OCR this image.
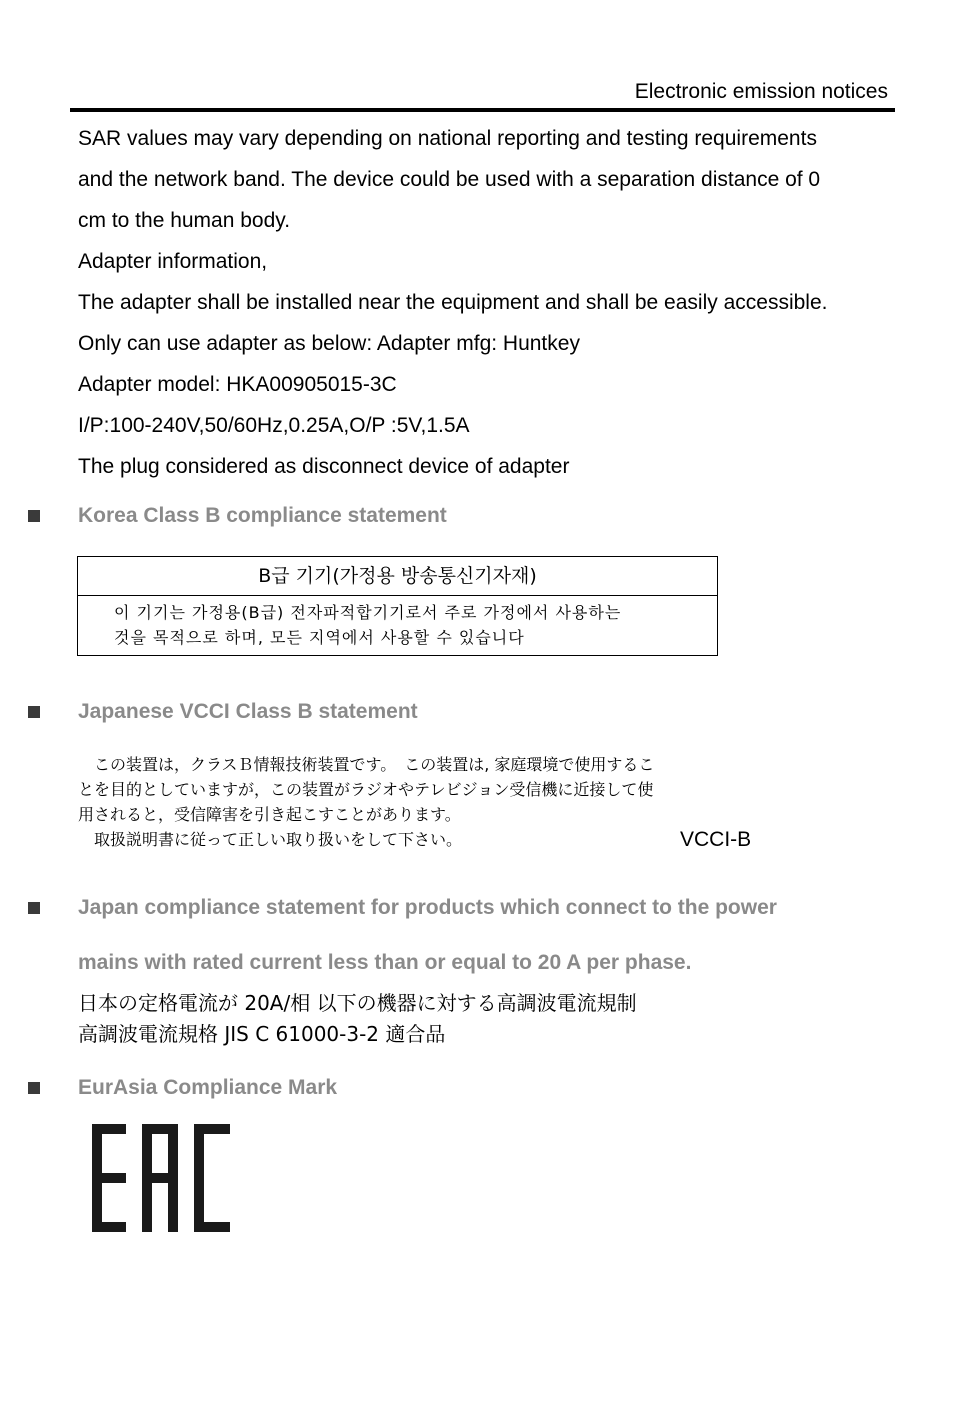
Electronic emission notices

SAR values may vary depending on national reporting and testing requirements

and the network band. The device could be used with a separation distance of 0

cm to the human body.

Adapter information,

The adapter shall be installed near the equipment and shall be easily accessible.

Only can use adapter as below: Adapter mfg: Huntkey

Adapter model: HKA00905015-3C

I/P:100-240V,50/60Hz,0.25A,O/P :5V,1.5A

The plug considered as disconnect device of adapter

Korea Class B compliance statement
B급 기기(가정용 방송통신기자재)
이 기기는 가정용(B급) 전자파적합기기로서 주로 가정에서 사용하는
것을 목적으로 하며, 모든 지역에서 사용할 수 있습니다
Japanese VCCI Class B statement

　この装置は，クラスＢ情報技術装置です。　この装置は, 家庭環境で使用するこ

とを目的としていますが，この装置がラジオやテレビジョン受信機に近接して使

用されると，受信障害を引き起こすことがあります。

　取扱説明書に従って正しい取り扱いをして下さい。	VCCI-B
Japan compliance statement for products which connect to the power
mains with rated current less than or equal to 20 A per phase.

日本の定格電流が 20A/相 以下の機器に対する高調波電流規制

高調波電流規格 JIS C 61000-3-2 適合品

EurAsia Compliance Mark
